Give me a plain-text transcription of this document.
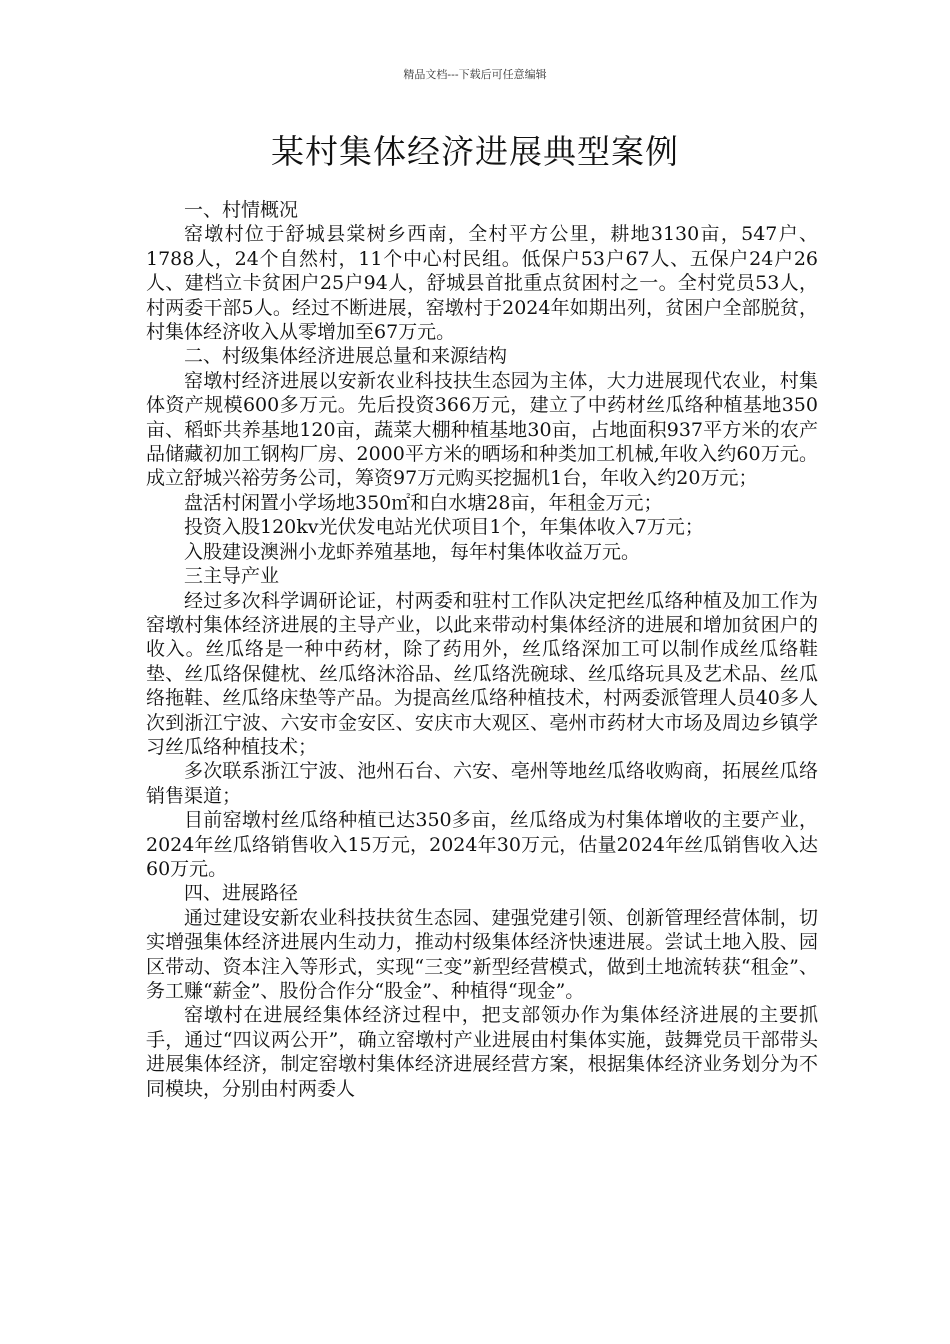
精品文档---下载后可任意编辑
某村集体经济进展典型案例

一、村情概况

窑墩村位于舒城县棠树乡西南，全村平方公里，耕地3130亩，547户、1788人，24个自然村，11个中心村民组。低保户53户67人、五保户24户26人、建档立卡贫困户25户94人，舒城县首批重点贫困村之一。全村党员53人，村两委干部5人。经过不断进展，窑墩村于2024年如期出列，贫困户全部脱贫，村集体经济收入从零增加至67万元。

二、村级集体经济进展总量和来源结构

窑墩村经济进展以安新农业科技扶生态园为主体，大力进展现代农业，村集体资产规模600多万元。先后投资366万元，建立了中药材丝瓜络种植基地350亩、稻虾共养基地120亩，蔬菜大棚种植基地30亩，占地面积937平方米的农产品储藏初加工钢构厂房、2000平方米的晒场和种类加工机械,年收入约60万元。成立舒城兴裕劳务公司，筹资97万元购买挖掘机1台，年收入约20万元；

盘活村闲置小学场地350㎡和白水塘28亩，年租金万元；

投资入股120kv光伏发电站光伏项目1个，年集体收入7万元；

入股建设澳洲小龙虾养殖基地，每年村集体收益万元。

三主导产业

经过多次科学调研论证，村两委和驻村工作队决定把丝瓜络种植及加工作为窑墩村集体经济进展的主导产业，以此来带动村集体经济的进展和增加贫困户的收入。丝瓜络是一种中药材，除了药用外，丝瓜络深加工可以制作成丝瓜络鞋垫、丝瓜络保健枕、丝瓜络沐浴品、丝瓜络洗碗球、丝瓜络玩具及艺术品、丝瓜络拖鞋、丝瓜络床垫等产品。为提高丝瓜络种植技术，村两委派管理人员40多人次到浙江宁波、六安市金安区、安庆市大观区、亳州市药材大市场及周边乡镇学习丝瓜络种植技术；

多次联系浙江宁波、池州石台、六安、亳州等地丝瓜络收购商，拓展丝瓜络销售渠道；

目前窑墩村丝瓜络种植已达350多亩，丝瓜络成为村集体增收的主要产业，2024年丝瓜络销售收入15万元，2024年30万元，估量2024年丝瓜销售收入达60万元。

四、进展路径

通过建设安新农业科技扶贫生态园、建强党建引领、创新管理经营体制，切实增强集体经济进展内生动力，推动村级集体经济快速进展。尝试土地入股、园区带动、资本注入等形式，实现“三变”新型经营模式，做到土地流转获“租金”、务工赚“薪金”、股份合作分“股金”、种植得“现金”。

窑墩村在进展经集体经济过程中，把支部领办作为集体经济进展的主要抓手，通过“四议两公开”，确立窑墩村产业进展由村集体实施，鼓舞党员干部带头进展集体经济，制定窑墩村集体经济进展经营方案，根据集体经济业务划分为不同模块，分别由村两委人
